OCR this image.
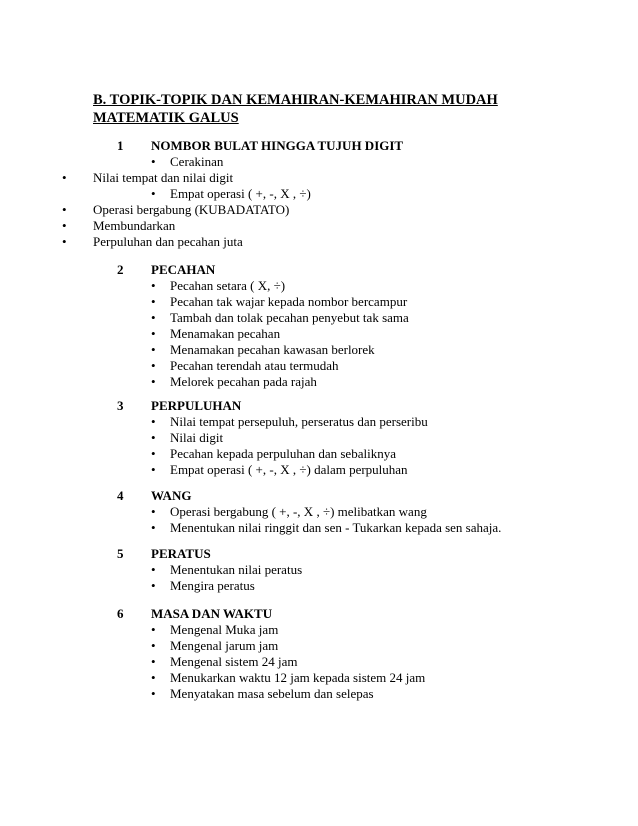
B. TOPIK-TOPIK DAN KEMAHIRAN-KEMAHIRAN MUDAH
MATEMATIK GALUS
1 NOMBOR BULAT HINGGA TUJUH DIGIT
• Cerakinan
• Nilai tempat dan nilai digit
• Empat operasi ( +, -, X , ÷)
• Operasi bergabung (KUBADATATO)
• Membundarkan
• Perpuluhan dan pecahan juta
2 PECAHAN
• Pecahan setara ( X, ÷)
• Pecahan tak wajar kepada nombor bercampur
• Tambah dan tolak pecahan penyebut tak sama
• Menamakan pecahan
• Menamakan pecahan kawasan berlorek
• Pecahan terendah atau termudah
• Melorek pecahan pada rajah
3 PERPULUHAN
• Nilai tempat persepuluh, perseratus dan perseribu
• Nilai digit
• Pecahan kepada perpuluhan dan sebaliknya
• Empat operasi ( +, -, X , ÷) dalam perpuluhan
4 WANG
• Operasi bergabung ( +, -, X , ÷) melibatkan wang
• Menentukan nilai ringgit dan sen - Tukarkan kepada sen sahaja.
5 PERATUS
• Menentukan nilai peratus
• Mengira peratus
6 MASA DAN WAKTU
• Mengenal Muka jam
• Mengenal jarum jam
• Mengenal sistem 24 jam
• Menukarkan waktu 12 jam kepada sistem 24 jam
• Menyatakan masa sebelum dan selepas
